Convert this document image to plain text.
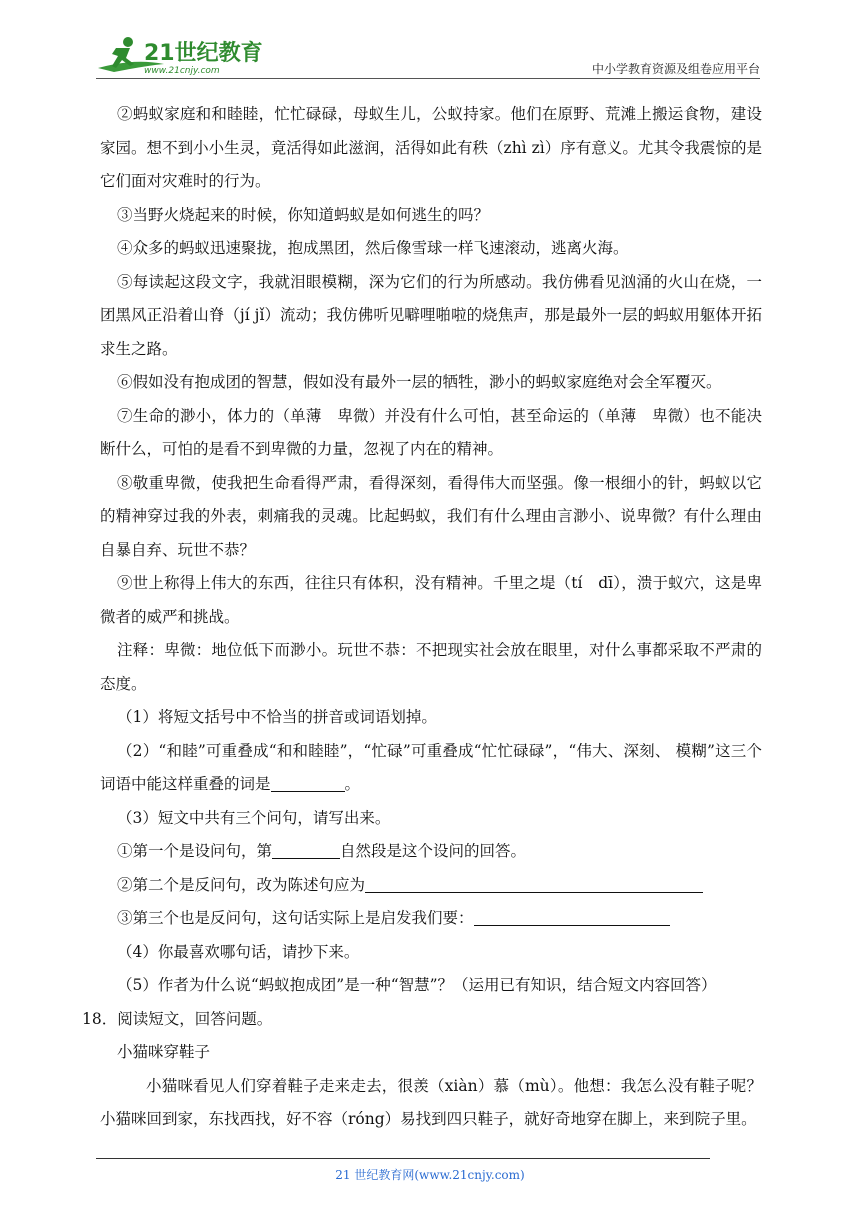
21世纪教育
www.21cnjy.com	中小学教育资源及组卷应用平台

②蚂蚁家庭和和睦睦，忙忙碌碌，母蚁生儿，公蚁持家。他们在原野、荒滩上搬运食物，建设家园。想不到小小生灵，竟活得如此滋润，活得如此有秩（zhì zì）序有意义。尤其令我震惊的是它们面对灾难时的行为。

③当野火烧起来的时候，你知道蚂蚁是如何逃生的吗？

④众多的蚂蚁迅速聚拢，抱成黑团，然后像雪球一样飞速滚动，逃离火海。

⑤每读起这段文字，我就泪眼模糊，深为它们的行为所感动。我仿佛看见汹涌的火山在烧，一团黑风正沿着山脊（jí jǐ）流动；我仿佛听见噼哩啪啦的烧焦声，那是最外一层的蚂蚁用躯体开拓求生之路。

⑥假如没有抱成团的智慧，假如没有最外一层的牺牲，渺小的蚂蚁家庭绝对会全军覆灭。

⑦生命的渺小，体力的（单薄　卑微）并没有什么可怕，甚至命运的（单薄　卑微）也不能决断什么，可怕的是看不到卑微的力量，忽视了内在的精神。

⑧敬重卑微，使我把生命看得严肃，看得深刻，看得伟大而坚强。像一根细小的针，蚂蚁以它的精神穿过我的外表，刺痛我的灵魂。比起蚂蚁，我们有什么理由言渺小、说卑微？有什么理由自暴自弃、玩世不恭？

⑨世上称得上伟大的东西，往往只有体积，没有精神。千里之堤（tí　dī），溃于蚁穴，这是卑微者的威严和挑战。

注释：卑微：地位低下而渺小。玩世不恭：不把现实社会放在眼里，对什么事都采取不严肃的态度。

（1）将短文括号中不恰当的拼音或词语划掉。

（2）“和睦”可重叠成“和和睦睦”，“忙碌”可重叠成“忙忙碌碌”，“伟大、深刻、 模糊”这三个词语中能这样重叠的词是	。

（3）短文中共有三个问句，请写出来。

①第一个是设问句，第	自然段是这个设问的回答。

②第二个是反问句，改为陈述句应为

③第三个也是反问句，这句话实际上是启发我们要：

（4）你最喜欢哪句话，请抄下来。

（5）作者为什么说“蚂蚁抱成团”是一种“智慧”？（运用已有知识，结合短文内容回答）

18．阅读短文，回答问题。

小猫咪穿鞋子

小猫咪看见人们穿着鞋子走来走去，很羡（xiàn）慕（mù）。他想：我怎么没有鞋子呢？小猫咪回到家，东找西找，好不容（róng）易找到四只鞋子，就好奇地穿在脚上，来到院子里。

21 世纪教育网(www.21cnjy.com)
